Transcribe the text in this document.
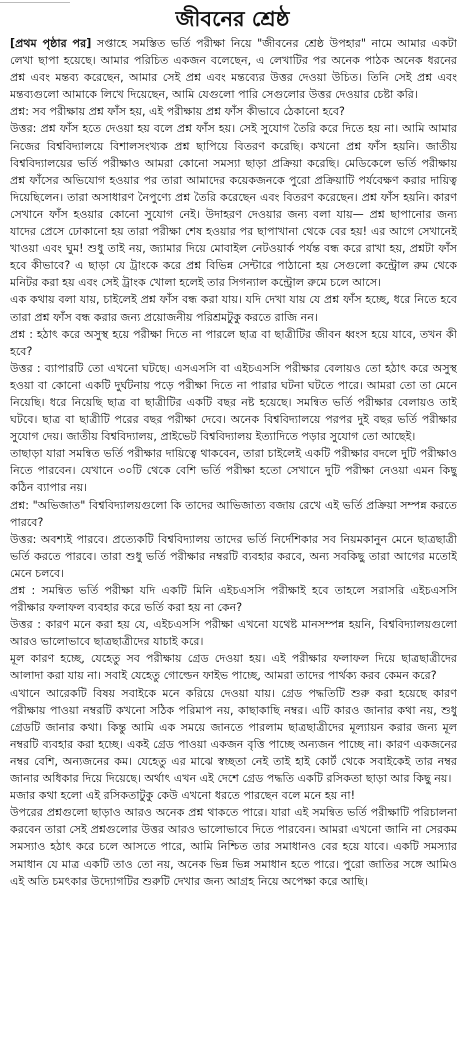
জীবনের শ্রেষ্ঠ

[প্রথম পৃষ্ঠার পর] সপ্তাহে সমস্তিত ভর্তি পরীক্ষা নিয়ে "জীবনের শ্রেষ্ঠ উপহার" নামে আমার একটা লেখা ছাপা হয়েছে। আমার পরিচিত একজন বলেছেন, এ লেখাটির পর অনেক পাঠক অনেক ধরনের প্রশ্ন এবং মন্তব্য করেছেন, আমার সেই প্রশ্ন এবং মন্তব্যের উত্তর দেওয়া উচিত। তিনি সেই প্রশ্ন এবং মন্তব্যগুলো আমাকে লিখে দিয়েছেন, আমি যেগুলো পারি সেগুলোর উত্তর দেওয়ার চেষ্টা করি।

প্রশ্ন: সব পরীক্ষায় প্রশ্ন ফাঁস হয়, এই পরীক্ষায় প্রশ্ন ফাঁস কীভাবে ঠেকানো হবে?

উত্তর: প্রশ্ন ফাঁস হতে দেওয়া হয় বলে প্রশ্ন ফাঁস হয়। সেই সুযোগ তৈরি করে দিতে হয় না। আমি আমার নিজের বিশ্ববিদ্যালয়ে বিশালসংখ্যক প্রশ্ন ছাপিয়ে বিতরণ করেছি। কখনো প্রশ্ন ফাঁস হয়নি। জাতীয় বিশ্ববিদ্যালয়ের ভর্তি পরীক্ষাও আমরা কোনো সমস্যা ছাড়া প্রক্রিয়া করেছি। মেডিকেলে ভর্তি পরীক্ষায় প্রশ্ন ফাঁসের অভিযোগ হওয়ার পর তারা আমাদের কয়েকজনকে পুরো প্রক্রিয়াটি পর্যবেক্ষণ করার দায়িত্ব দিয়েছিলেন। তারা অসাধারণ নৈপুণ্যে প্রশ্ন তৈরি করেছেন এবং বিতরণ করেছেন। প্রশ্ন ফাঁস হয়নি। কারণ সেখানে ফাঁস হওয়ার কোনো সুযোগ নেই। উদাহরণ দেওয়ার জন্য বলা যায়— প্রশ্ন ছাপানোর জন্য যাদের প্রেসে ঢোকানো হয় তারা পরীক্ষা শেষ হওয়ার পর ছাপাখানা থেকে বের হয়! এর আগে সেখানেই খাওয়া এবং ঘুম! শুধু তাই নয়, জ্যামার দিয়ে মোবাইল নেটওয়ার্ক পর্যন্ত বন্ধ করে রাখা হয়, প্রশ্নটা ফাঁস হবে কীভাবে? এ ছাড়া যে ট্রাংকে করে প্রশ্ন বিভিন্ন সেন্টারে পাঠানো হয় সেগুলো কন্ট্রোল রুম থেকে মনিটর করা হয় এবং সেই ট্রাংক খোলা হলেই তার সিগন্যাল কন্ট্রোল রুমে চলে আসে।

এক কথায় বলা যায়, চাইলেই প্রশ্ন ফাঁস বন্ধ করা যায়। যদি দেখা যায় যে প্রশ্ন ফাঁস হচ্ছে, ধরে নিতে হবে তারা প্রশ্ন ফাঁস বন্ধ করার জন্য প্রয়োজনীয় পরিশ্রমটুকু করতে রাজি নন।

প্রশ্ন : হঠাৎ করে অসুস্থ হয়ে পরীক্ষা দিতে না পারলে ছাত্র বা ছাত্রীটির জীবন ধ্বংস হয়ে যাবে, তখন কী হবে?

উত্তর : ব্যাপারটি তো এখনো ঘটছে। এসএসসি বা এইচএসসি পরীক্ষার বেলায়ও তো হঠাৎ করে অসুস্থ হওয়া বা কোনো একটি দুর্ঘটনায় পড়ে পরীক্ষা দিতে না পারার ঘটনা ঘটতে পারে। আমরা তো তা মেনে নিয়েছি। ধরে নিয়েছি ছাত্র বা ছাত্রীটির একটি বছর নষ্ট হয়েছে। সমন্বিত ভর্তি পরীক্ষার বেলায়ও তাই ঘটবে। ছাত্র বা ছাত্রীটি পরের বছর পরীক্ষা দেবে। অনেক বিশ্ববিদ্যালয়ে পরপর দুই বছর ভর্তি পরীক্ষার সুযোগ দেয়। জাতীয় বিশ্ববিদ্যালয়, প্রাইভেট বিশ্ববিদ্যালয় ইত্যাদিতে পড়ার সুযোগ তো আছেই।

তাছাড়া যারা সমন্বিত ভর্তি পরীক্ষার দায়িত্বে থাকবেন, তারা চাইলেই একটি পরীক্ষার বদলে দুটি পরীক্ষাও নিতে পারবেন। যেখানে ৩০টি থেকে বেশি ভর্তি পরীক্ষা হতো সেখানে দুটি পরীক্ষা নেওয়া এমন কিছু কঠিন ব্যাপার নয়।

প্রশ্ন: "অভিজাত" বিশ্ববিদ্যালয়গুলো কি তাদের আভিজাত্য বজায় রেখে এই ভর্তি প্রক্রিয়া সম্পন্ন করতে পারবে?

উত্তর: অবশ্যই পারবে। প্রত্যেকটি বিশ্ববিদ্যালয় তাদের ভর্তি নির্দেশিকার সব নিয়মকানুন মেনে ছাত্রছাত্রী ভর্তি করতে পারবে। তারা শুধু ভর্তি পরীক্ষার নম্বরটি ব্যবহার করবে, অন্য সবকিছু তারা আগের মতোই মেনে চলবে।

প্রশ্ন : সমন্বিত ভর্তি পরীক্ষা যদি একটি মিনি এইচএসসি পরীক্ষাই হবে তাহলে সরাসরি এইচএসসি পরীক্ষার ফলাফল ব্যবহার করে ভর্তি করা হয় না কেন?

উত্তর : কারণ মনে করা হয় যে, এইচএসসি পরীক্ষা এখনো যথেষ্ট মানসম্পন্ন হয়নি, বিশ্ববিদ্যালয়গুলো আরও ভালোভাবে ছাত্রছাত্রীদের যাচাই করে।

মূল কারণ হচ্ছে, যেহেতু সব পরীক্ষায় গ্রেড দেওয়া হয়। এই পরীক্ষার ফলাফল দিয়ে ছাত্রছাত্রীদের আলাদা করা যায় না। সবাই যেহেতু গোল্ডেন ফাইভ পাচ্ছে, আমরা তাদের পার্থক্য করব কেমন করে?

এখানে আরেকটি বিষয় সবাইকে মনে করিয়ে দেওয়া যায়। গ্রেড পদ্ধতিটি শুরু করা হয়েছে কারণ পরীক্ষায় পাওয়া নম্বরটি কখনো সঠিক পরিমাপ নয়, কাছাকাছি নম্বর। এটি কারও জানার কথা নয়, শুধু গ্রেডটি জানার কথা। কিন্তু আমি এক সময়ে জানতে পারলাম ছাত্রছাত্রীদের মূল্যায়ন করার জন্য মূল নম্বরটি ব্যবহার করা হচ্ছে। একই গ্রেড পাওয়া একজন বৃত্তি পাচ্ছে অন্যজন পাচ্ছে না। কারণ একজনের নম্বর বেশি, অন্যজনের কম। যেহেতু এর মাঝে স্বচ্ছতা নেই তাই হাই কোর্ট থেকে সবাইকেই তার নম্বর জানার অধিকার দিয়ে দিয়েছে। অর্থাৎ এখন এই দেশে গ্রেড পদ্ধতি একটি রসিকতা ছাড়া আর কিছু নয়।

মজার কথা হলো এই রসিকতাটুকু কেউ এখনো ধরতে পারছেন বলে মনে হয় না!

উপরের প্রশ্নগুলো ছাড়াও আরও অনেক প্রশ্ন থাকতে পারে। যারা এই সমন্বিত ভর্তি পরীক্ষাটি পরিচালনা করবেন তারা সেই প্রশ্নগুলোর উত্তর আরও ভালোভাবে দিতে পারবেন। আমরা এখনো জানি না সেরকম সমস্যাও হঠাৎ করে চলে আসতে পারে, আমি নিশ্চিত তার সমাধানও বের হয়ে যাবে। একটি সমস্যার সমাধান যে মাত্র একটি তাও তো নয়, অনেক ভিন্ন ভিন্ন সমাধান হতে পারে। পুরো জাতির সঙ্গে আমিও এই অতি চমৎকার উদ্যোগটির শুরুটি দেখার জন্য আগ্রহ নিয়ে অপেক্ষা করে আছি।
